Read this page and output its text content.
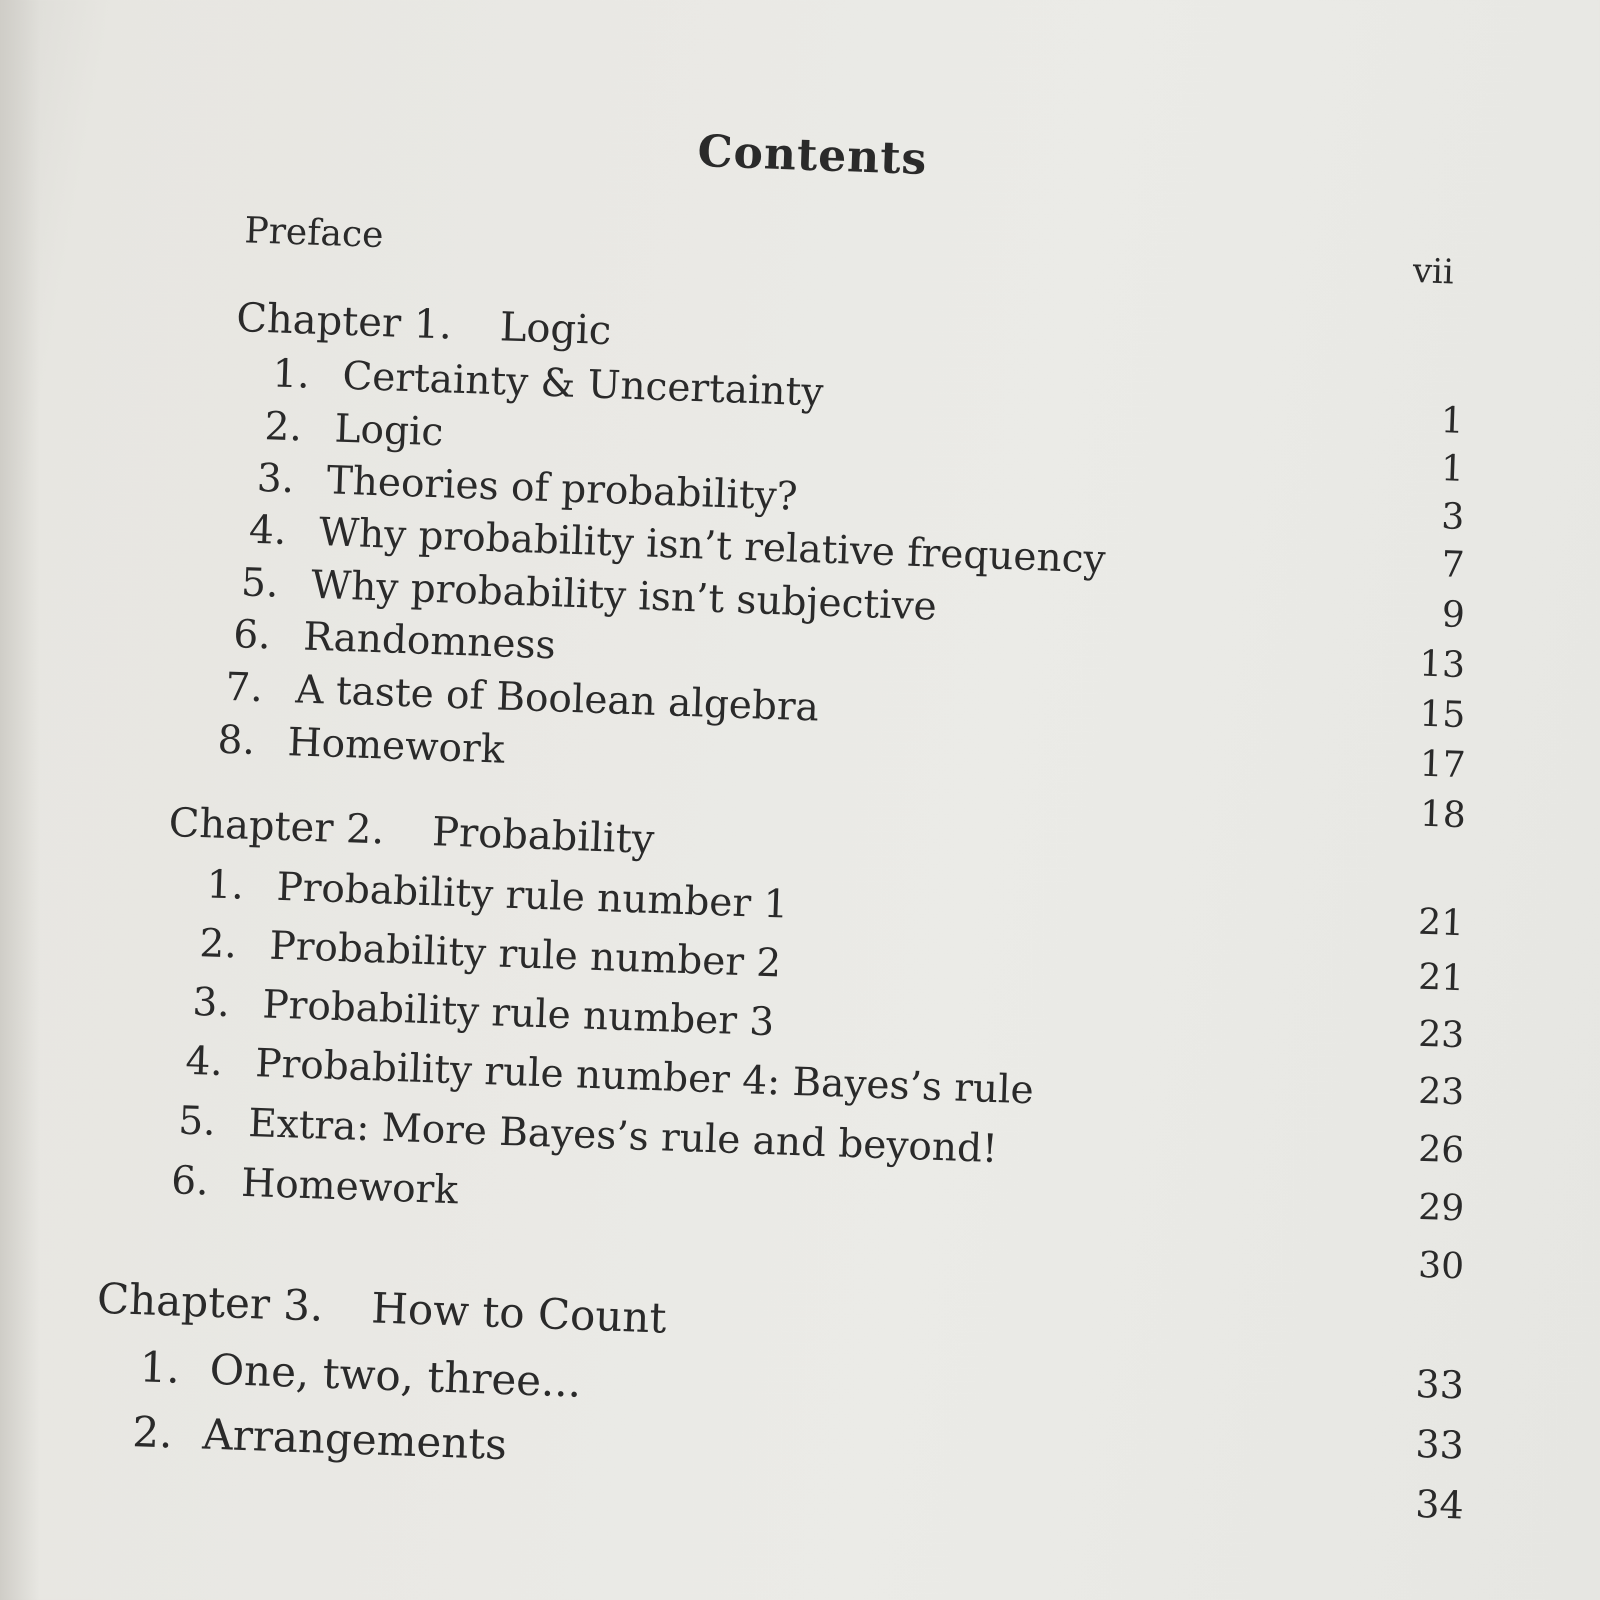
Contents
Preface
vii
Chapter 1. Logic
1
1. Certainty & Uncertainty
1
2. Logic
3
3. Theories of probability?
7
4. Why probability isn’t relative frequency
9
5. Why probability isn’t subjective
13
6. Randomness
15
7. A taste of Boolean algebra
17
8. Homework
18
Chapter 2. Probability
21
1. Probability rule number 1
21
2. Probability rule number 2
23
3. Probability rule number 3
23
4. Probability rule number 4: Bayes’s rule
26
5. Extra: More Bayes’s rule and beyond!
29
6. Homework
30
Chapter 3. How to Count
33
1. One, two, three...
33
2. Arrangements
34
